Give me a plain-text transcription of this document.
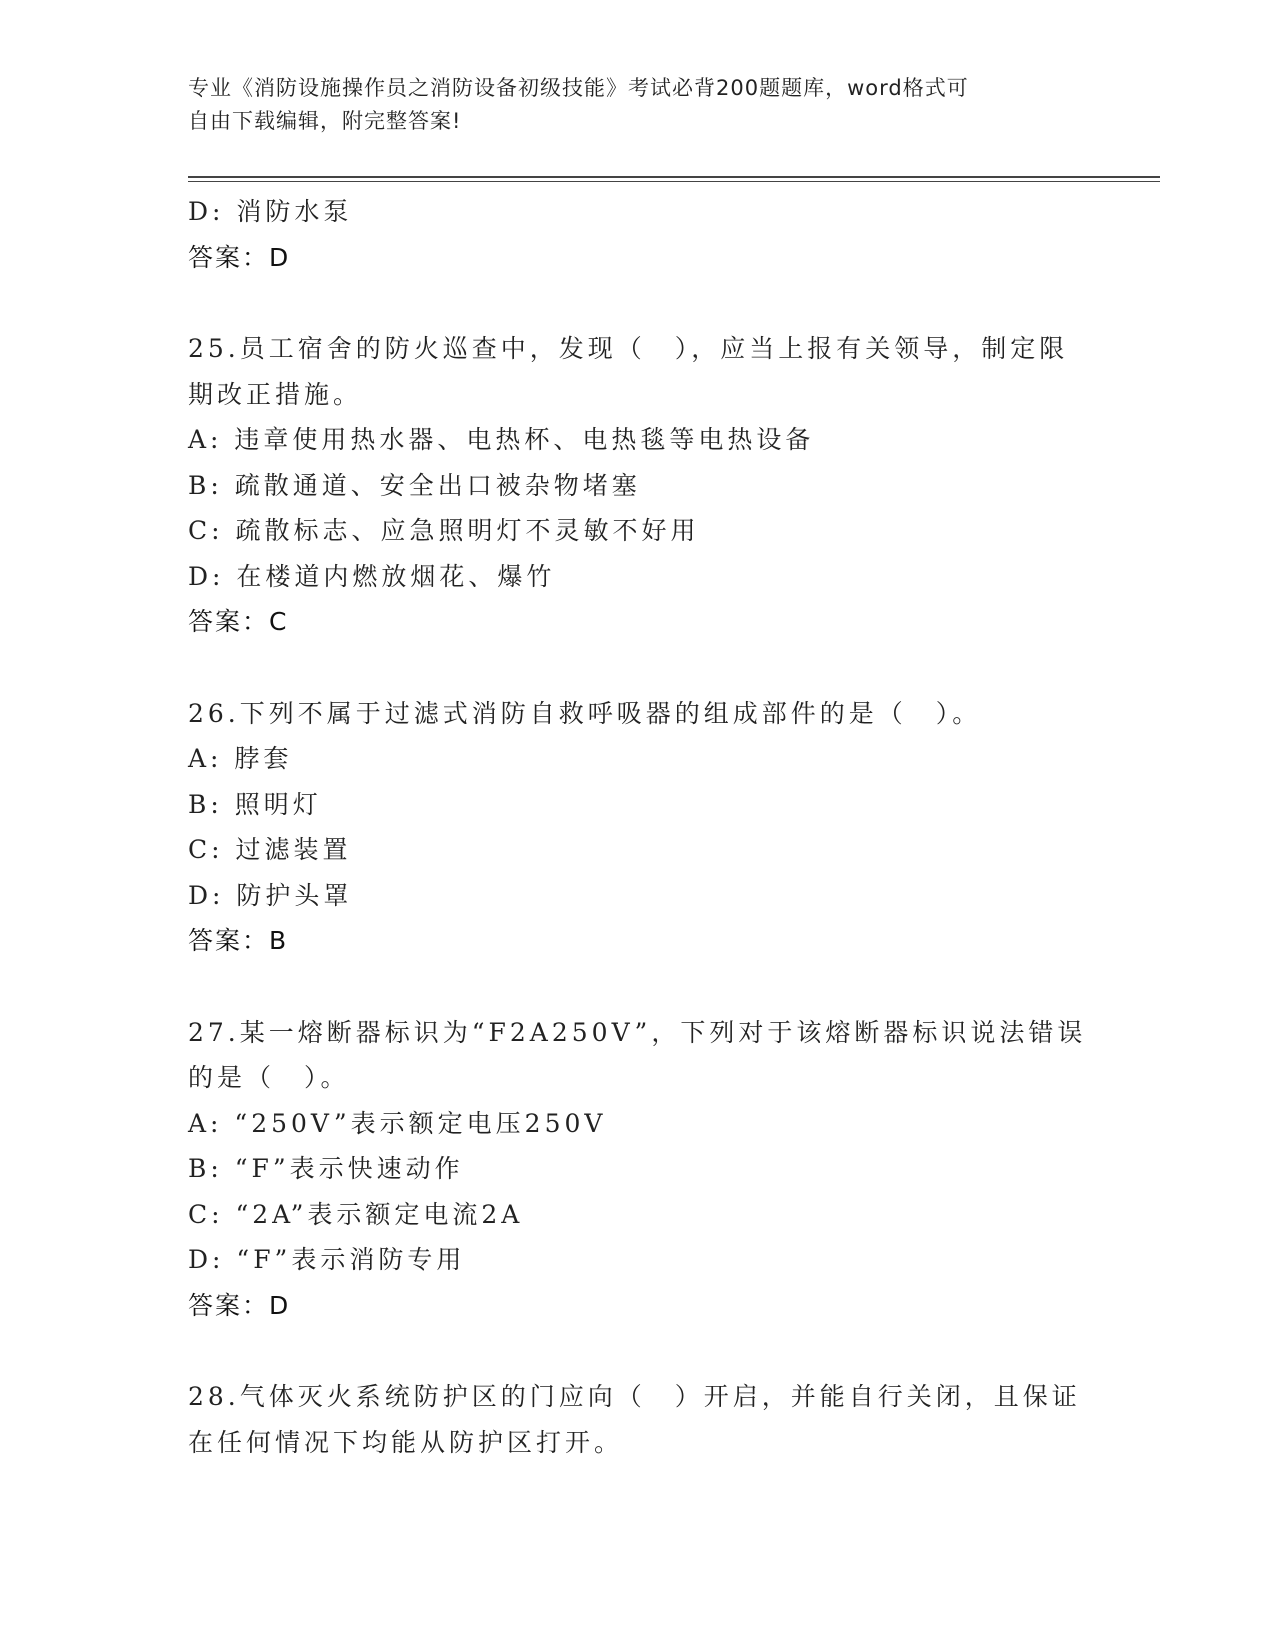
专业《消防设施操作员之消防设备初级技能》考试必背200题题库，word格式可
自由下载编辑，附完整答案!
D: 消防水泵
答案：D
25.员工宿舍的防火巡查中，发现（　），应当上报有关领导，制定限
期改正措施。
A: 违章使用热水器、电热杯、电热毯等电热设备
B: 疏散通道、安全出口被杂物堵塞
C: 疏散标志、应急照明灯不灵敏不好用
D: 在楼道内燃放烟花、爆竹
答案：C
26.下列不属于过滤式消防自救呼吸器的组成部件的是（　）。
A: 脖套
B: 照明灯
C: 过滤装置
D: 防护头罩
答案：B
27.某一熔断器标识为“F2A250V”，下列对于该熔断器标识说法错误
的是（　）。
A: “250V”表示额定电压250V
B: “F”表示快速动作
C: “2A”表示额定电流2A
D: “F”表示消防专用
答案：D
28.气体灭火系统防护区的门应向（　）开启，并能自行关闭，且保证
在任何情况下均能从防护区打开。
